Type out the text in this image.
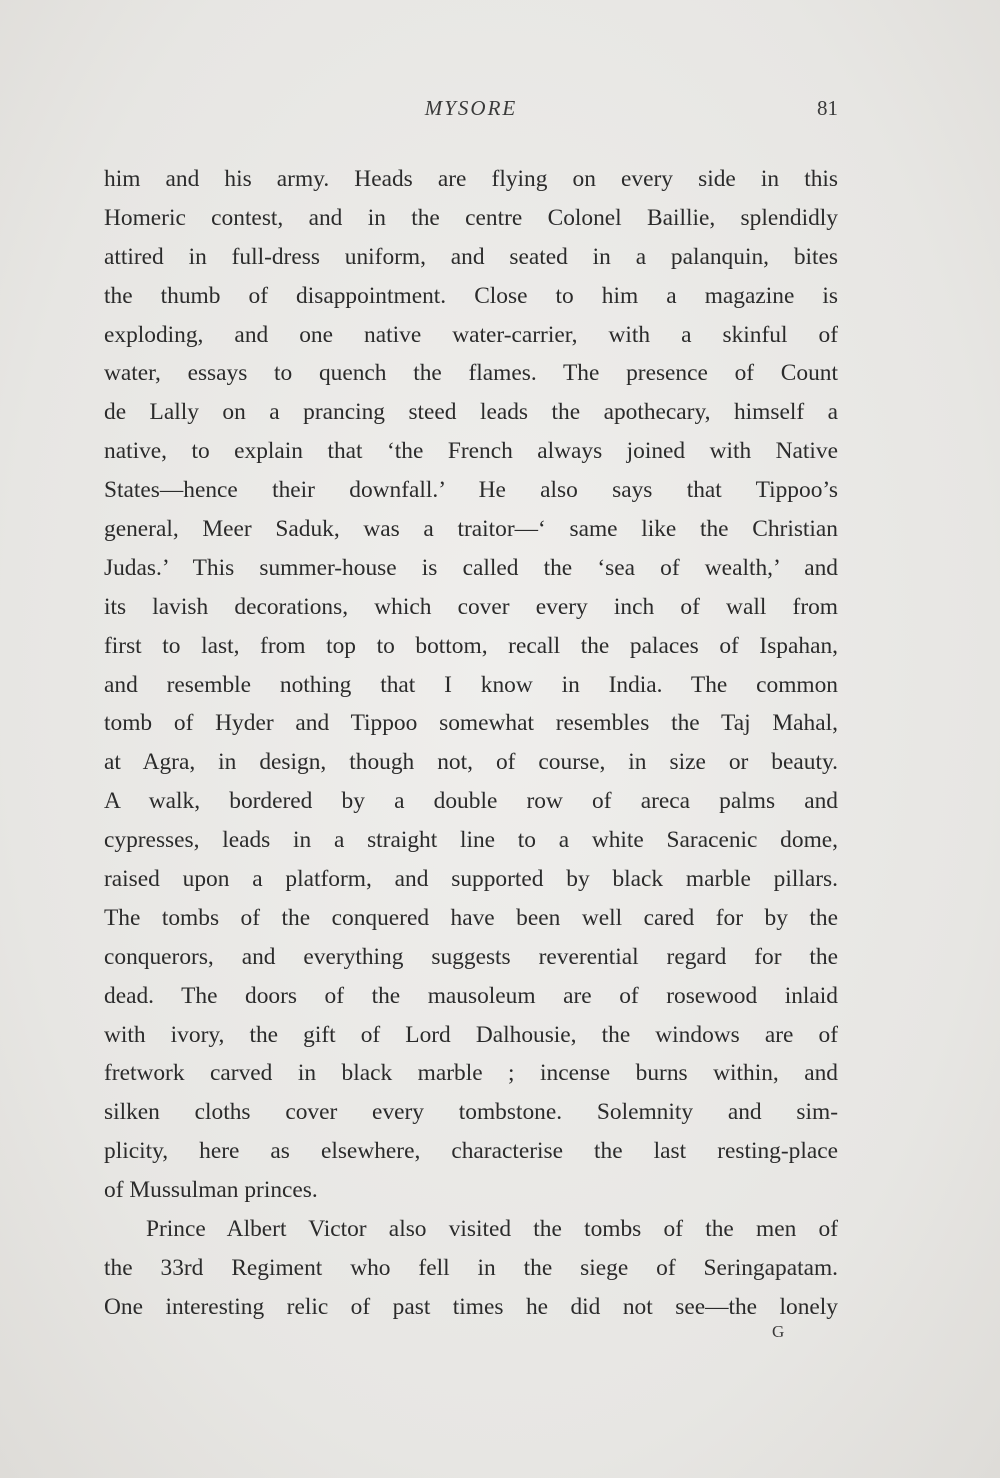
MYSORE	81
him and his army. Heads are flying on every side in this
Homeric contest, and in the centre Colonel Baillie, splendidly
attired in full-dress uniform, and seated in a palanquin, bites
the thumb of disappointment. Close to him a magazine is
exploding, and one native water-carrier, with a skinful of
water, essays to quench the flames. The presence of Count
de Lally on a prancing steed leads the apothecary, himself a
native, to explain that ‘the French always joined with Native
States—hence their downfall.’ He also says that Tippoo’s
general, Meer Saduk, was a traitor—‘ same like the Christian
Judas.’ This summer-house is called the ‘sea of wealth,’ and
its lavish decorations, which cover every inch of wall from
first to last, from top to bottom, recall the palaces of Ispahan,
and resemble nothing that I know in India. The common
tomb of Hyder and Tippoo somewhat resembles the Taj Mahal,
at Agra, in design, though not, of course, in size or beauty.
A walk, bordered by a double row of areca palms and
cypresses, leads in a straight line to a white Saracenic dome,
raised upon a platform, and supported by black marble pillars.
The tombs of the conquered have been well cared for by the
conquerors, and everything suggests reverential regard for the
dead. The doors of the mausoleum are of rosewood inlaid
with ivory, the gift of Lord Dalhousie, the windows are of
fretwork carved in black marble ; incense burns within, and
silken cloths cover every tombstone. Solemnity and sim-
plicity, here as elsewhere, characterise the last resting-place
of Mussulman princes.
Prince Albert Victor also visited the tombs of the men of
the 33rd Regiment who fell in the siege of Seringapatam.
One interesting relic of past times he did not see—the lonely
G
